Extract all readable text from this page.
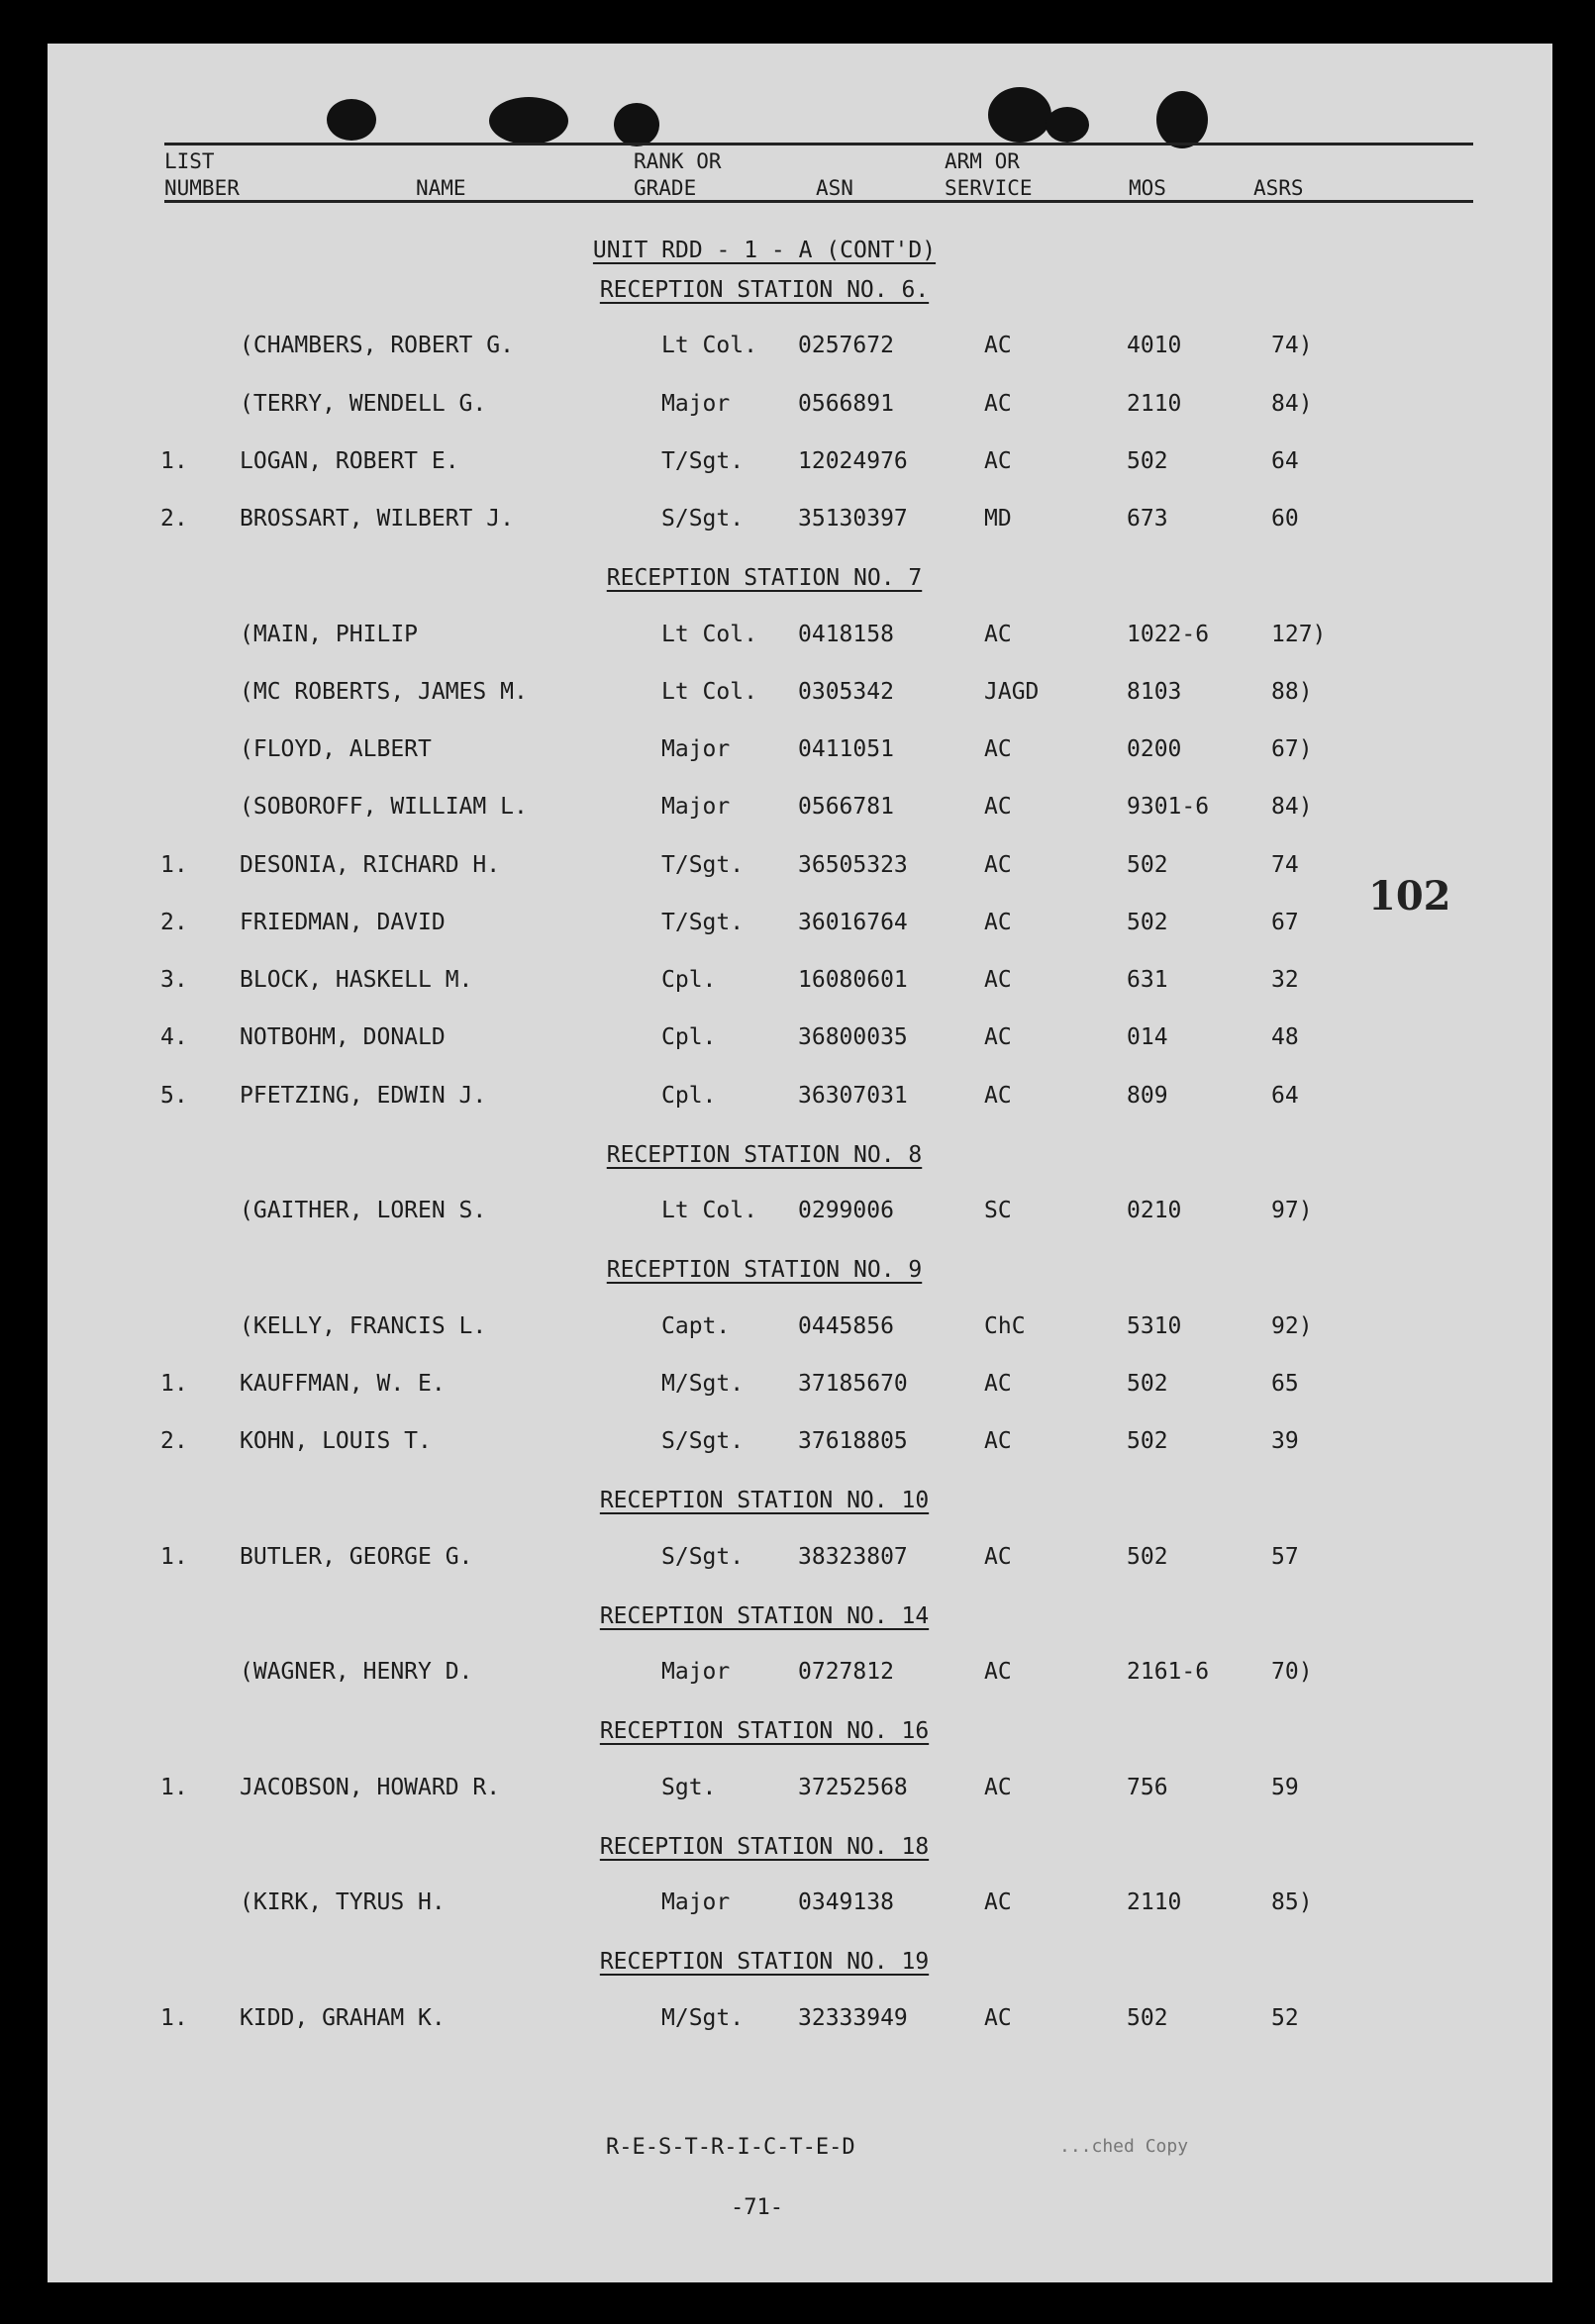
LIST
NUMBER	NAME
RANK OR
GRADE	ASN
ARM OR
SERVICE	MOS	ASRS
UNIT RDD - 1 - A (CONT'D)
RECEPTION STATION NO. 6.
(CHAMBERS, ROBERT G.	Lt Col. 0257672	AC	4010	74)
(TERRY, WENDELL G.	Major	0566891	AC	2110	84)
1. LOGAN, ROBERT E.	T/Sgt. 12024976	AC	502	64
2. BROSSART, WILBERT J.	S/Sgt. 35130397	MD	673	60
RECEPTION STATION NO. 7
(MAIN, PHILIP	Lt Col. 0418158	AC	1022-6	127)
(MC ROBERTS, JAMES M.	Lt Col. 0305342	JAGD	8103	88)
(FLOYD, ALBERT	Major	0411051	AC	0200	67)
(SOBOROFF, WILLIAM L.	Major	0566781	AC	9301-6	84)
1. DESONIA, RICHARD H.	T/Sgt. 36505323	AC	502	74
2. FRIEDMAN, DAVID	T/Sgt. 36016764	AC	502	67
3. BLOCK, HASKELL M.	Cpl.	16080601	AC	631	32
4. NOTBOHM, DONALD	Cpl.	36800035	AC	014	48
5. PFETZING, EDWIN J.	Cpl.	36307031	AC	809	64
RECEPTION STATION NO. 8
(GAITHER, LOREN S.	Lt Col. 0299006	SC	0210	97)
RECEPTION STATION NO. 9
(KELLY, FRANCIS L.	Capt.	0445856	ChC	5310	92)
1. KAUFFMAN, W. E.	M/Sgt. 37185670	AC	502	65
2. KOHN, LOUIS T.	S/Sgt. 37618805	AC	502	39
RECEPTION STATION NO. 10
1. BUTLER, GEORGE G.	S/Sgt. 38323807	AC	502	57
RECEPTION STATION NO. 14
(WAGNER, HENRY D.	Major	0727812	AC	2161-6	70)
RECEPTION STATION NO. 16
1. JACOBSON, HOWARD R.	Sgt.	37252568	AC	756	59
RECEPTION STATION NO. 18
(KIRK, TYRUS H.	Major	0349138	AC	2110	85)
RECEPTION STATION NO. 19
1. KIDD, GRAHAM K.	M/Sgt. 32333949	AC	502	52
102
R-E-S-T-R-I-C-T-E-D	...ched Copy
-71-
